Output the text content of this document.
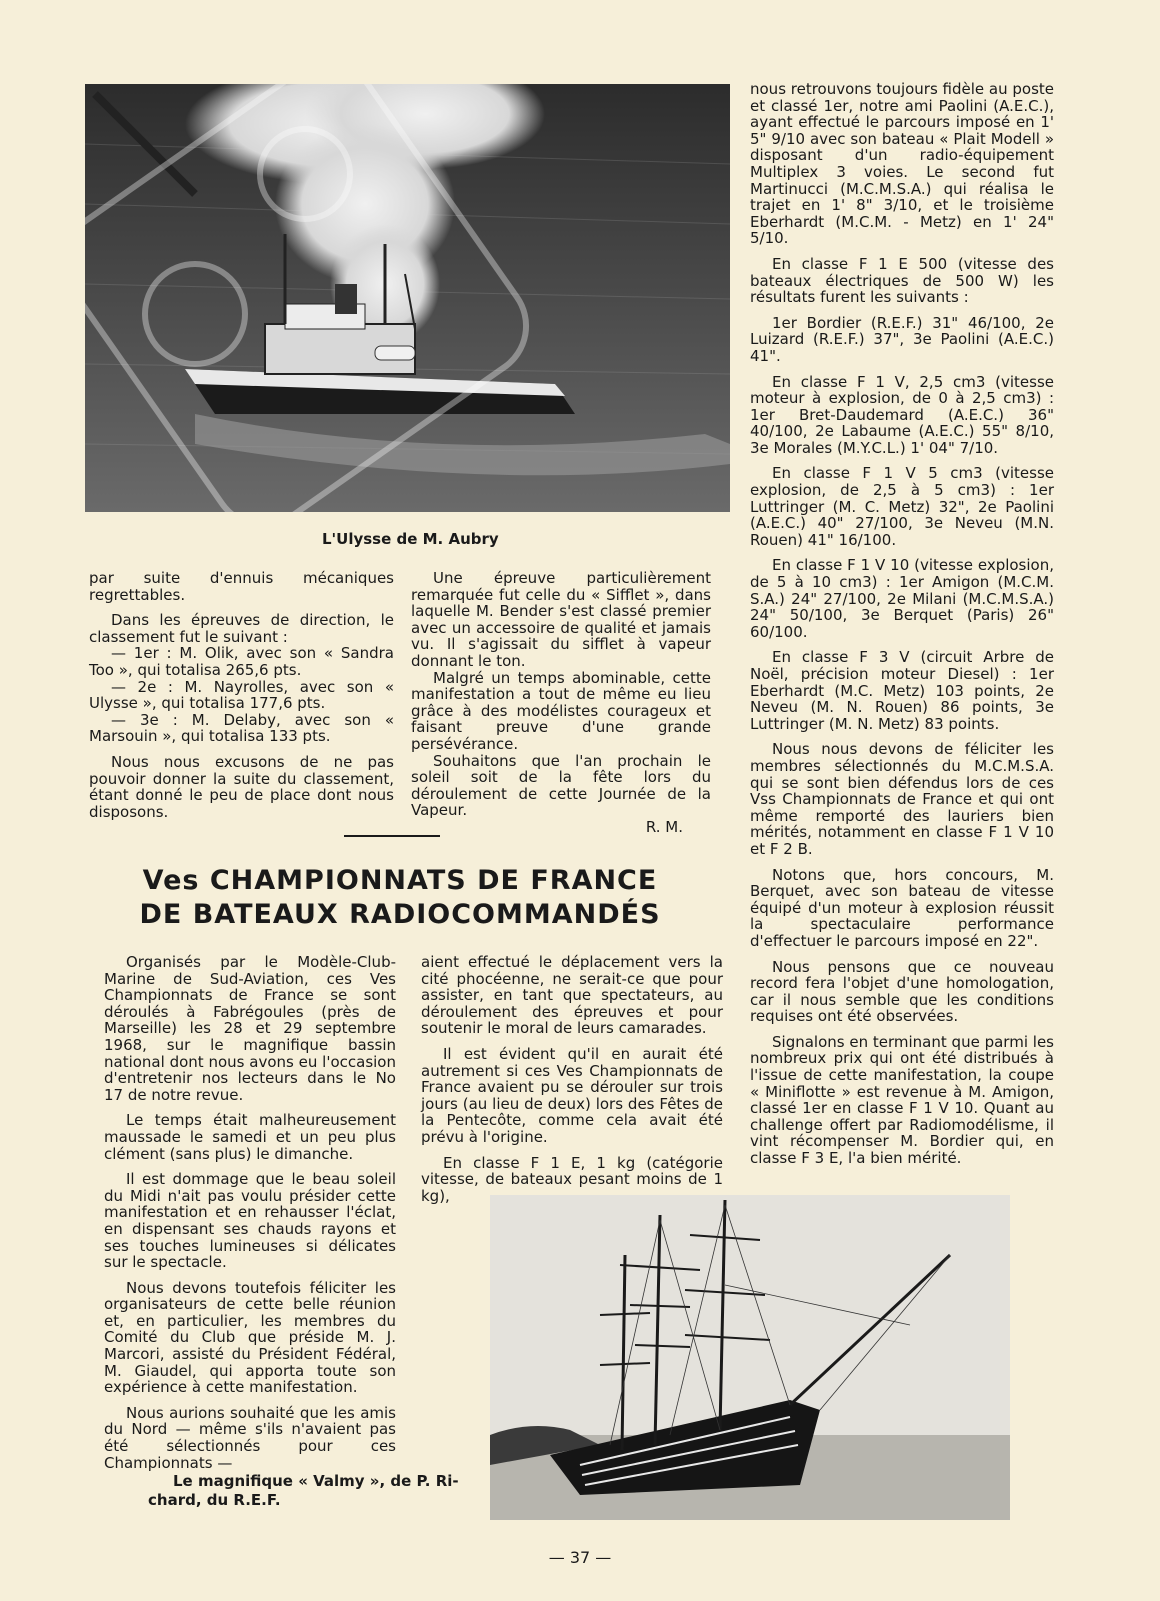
L'Ulysse de M. Aubry

par suite d'ennuis mécaniques regrettables.

Dans les épreuves de direction, le classement fut le suivant :

— 1er : M. Olik, avec son « Sandra Too », qui totalisa 265,6 pts.

— 2e : M. Nayrolles, avec son « Ulysse », qui totalisa 177,6 pts.

— 3e : M. Delaby, avec son « Marsouin », qui totalisa 133 pts.

Nous nous excusons de ne pas pouvoir donner la suite du classement, étant donné le peu de place dont nous disposons.

Une épreuve particulièrement remarquée fut celle du « Sifflet », dans laquelle M. Bender s'est classé premier avec un accessoire de qualité et jamais vu. Il s'agissait du sifflet à vapeur donnant le ton.

Malgré un temps abominable, cette manifestation a tout de même eu lieu grâce à des modélistes courageux et faisant preuve d'une grande persévérance.

Souhaitons que l'an prochain le soleil soit de la fête lors du déroulement de cette Journée de la Vapeur.

R. M.

Ves CHAMPIONNATS DE FRANCE
DE BATEAUX RADIOCOMMANDÉS

Organisés par le Modèle-Club-Marine de Sud-Aviation, ces Ves Championnats de France se sont déroulés à Fabrégoules (près de Marseille) les 28 et 29 septembre 1968, sur le magnifique bassin national dont nous avons eu l'occasion d'entretenir nos lecteurs dans le No 17 de notre revue.

Le temps était malheureusement maussade le samedi et un peu plus clément (sans plus) le dimanche.

Il est dommage que le beau soleil du Midi n'ait pas voulu présider cette manifestation et en rehausser l'éclat, en dispensant ses chauds rayons et ses touches lumineuses si délicates sur le spectacle.

Nous devons toutefois féliciter les organisateurs de cette belle réunion et, en particulier, les membres du Comité du Club que préside M. J. Marcori, assisté du Président Fédéral, M. Giaudel, qui apporta toute son expérience à cette manifestation.

Nous aurions souhaité que les amis du Nord — même s'ils n'avaient pas été sélectionnés pour ces Championnats —

aient effectué le déplacement vers la cité phocéenne, ne serait-ce que pour assister, en tant que spectateurs, au déroulement des épreuves et pour soutenir le moral de leurs camarades.

Il est évident qu'il en aurait été autrement si ces Ves Championnats de France avaient pu se dérouler sur trois jours (au lieu de deux) lors des Fêtes de la Pentecôte, comme cela avait été prévu à l'origine.

En classe F 1 E, 1 kg (catégorie vitesse, de bateaux pesant moins de 1 kg),

nous retrouvons toujours fidèle au poste et classé 1er, notre ami Paolini (A.E.C.), ayant effectué le parcours imposé en 1' 5" 9/10 avec son bateau « Plait Modell » disposant d'un radio-équipement Multiplex 3 voies. Le second fut Martinucci (M.C.M.S.A.) qui réalisa le trajet en 1' 8" 3/10, et le troisième Eberhardt (M.C.M. - Metz) en 1' 24" 5/10.

En classe F 1 E 500 (vitesse des bateaux électriques de 500 W) les résultats furent les suivants :

1er Bordier (R.E.F.) 31" 46/100, 2e Luizard (R.E.F.) 37", 3e Paolini (A.E.C.) 41".

En classe F 1 V, 2,5 cm3 (vitesse moteur à explosion, de 0 à 2,5 cm3) : 1er Bret-Daudemard (A.E.C.) 36" 40/100, 2e Labaume (A.E.C.) 55" 8/10, 3e Morales (M.Y.C.L.) 1' 04" 7/10.

En classe F 1 V 5 cm3 (vitesse explosion, de 2,5 à 5 cm3) : 1er Luttringer (M. C. Metz) 32", 2e Paolini (A.E.C.) 40" 27/100, 3e Neveu (M.N. Rouen) 41" 16/100.

En classe F 1 V 10 (vitesse explosion, de 5 à 10 cm3) : 1er Amigon (M.C.M. S.A.) 24" 27/100, 2e Milani (M.C.M.S.A.) 24" 50/100, 3e Berquet (Paris) 26" 60/100.

En classe F 3 V (circuit Arbre de Noël, précision moteur Diesel) : 1er Eberhardt (M.C. Metz) 103 points, 2e Neveu (M. N. Rouen) 86 points, 3e Luttringer (M. N. Metz) 83 points.

Nous nous devons de féliciter les membres sélectionnés du M.C.M.S.A. qui se sont bien défendus lors de ces Vss Championnats de France et qui ont même remporté des lauriers bien mérités, notamment en classe F 1 V 10 et F 2 B.

Notons que, hors concours, M. Berquet, avec son bateau de vitesse équipé d'un moteur à explosion réussit la spectaculaire performance d'effectuer le parcours imposé en 22".

Nous pensons que ce nouveau record fera l'objet d'une homologation, car il nous semble que les conditions requises ont été observées.

Signalons en terminant que parmi les nombreux prix qui ont été distribués à l'issue de cette manifestation, la coupe « Miniflotte » est revenue à M. Amigon, classé 1er en classe F 1 V 10. Quant au challenge offert par Radiomodélisme, il vint récompenser M. Bordier qui, en classe F 3 E, l'a bien mérité.

Le magnifique « Valmy », de P. Ri-
chard, du R.E.F.
— 37 —
